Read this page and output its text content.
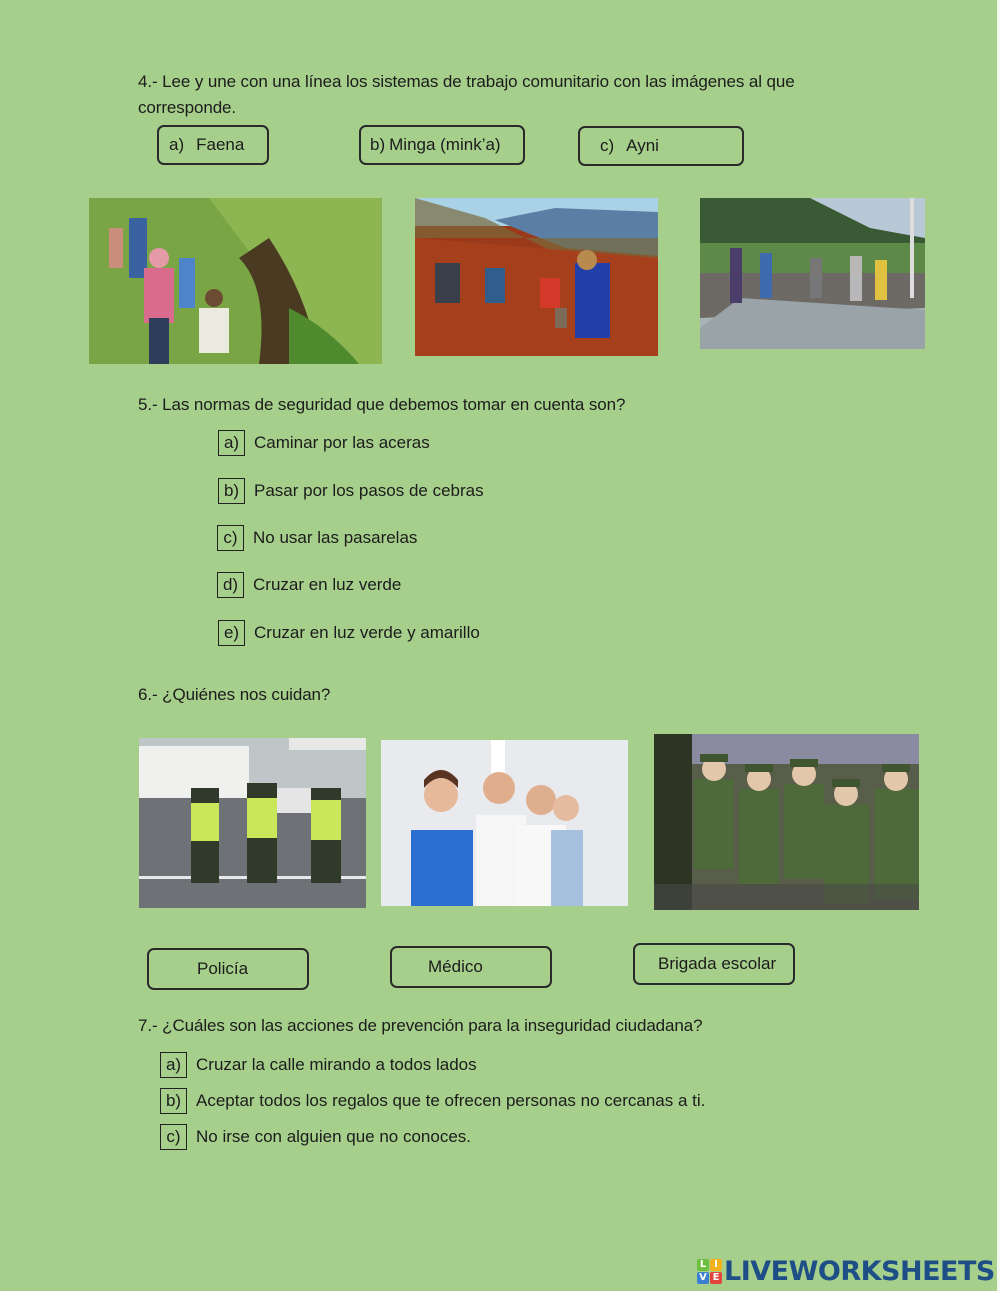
4.- Lee y une con una línea los sistemas de trabajo comunitario con las imágenes al que
corresponde.
a) Faena	b) Minga (mink’a)	c) Ayni
5.- Las normas de seguridad que debemos tomar en cuenta son?
a) Caminar por las aceras
b) Pasar por los pasos de cebras
c) No usar las pasarelas
d) Cruzar en luz verde
e) Cruzar en luz verde y amarillo
6.- ¿Quiénes nos cuidan?
Policía	Médico	Brigada escolar
7.- ¿Cuáles son las acciones de prevención para la inseguridad ciudadana?
a) Cruzar la calle mirando a todos lados
b) Aceptar todos los regalos que te ofrecen personas no cercanas a ti.
c) No irse con alguien que no conoces.
L I
V E LIVEWORKSHEETS
